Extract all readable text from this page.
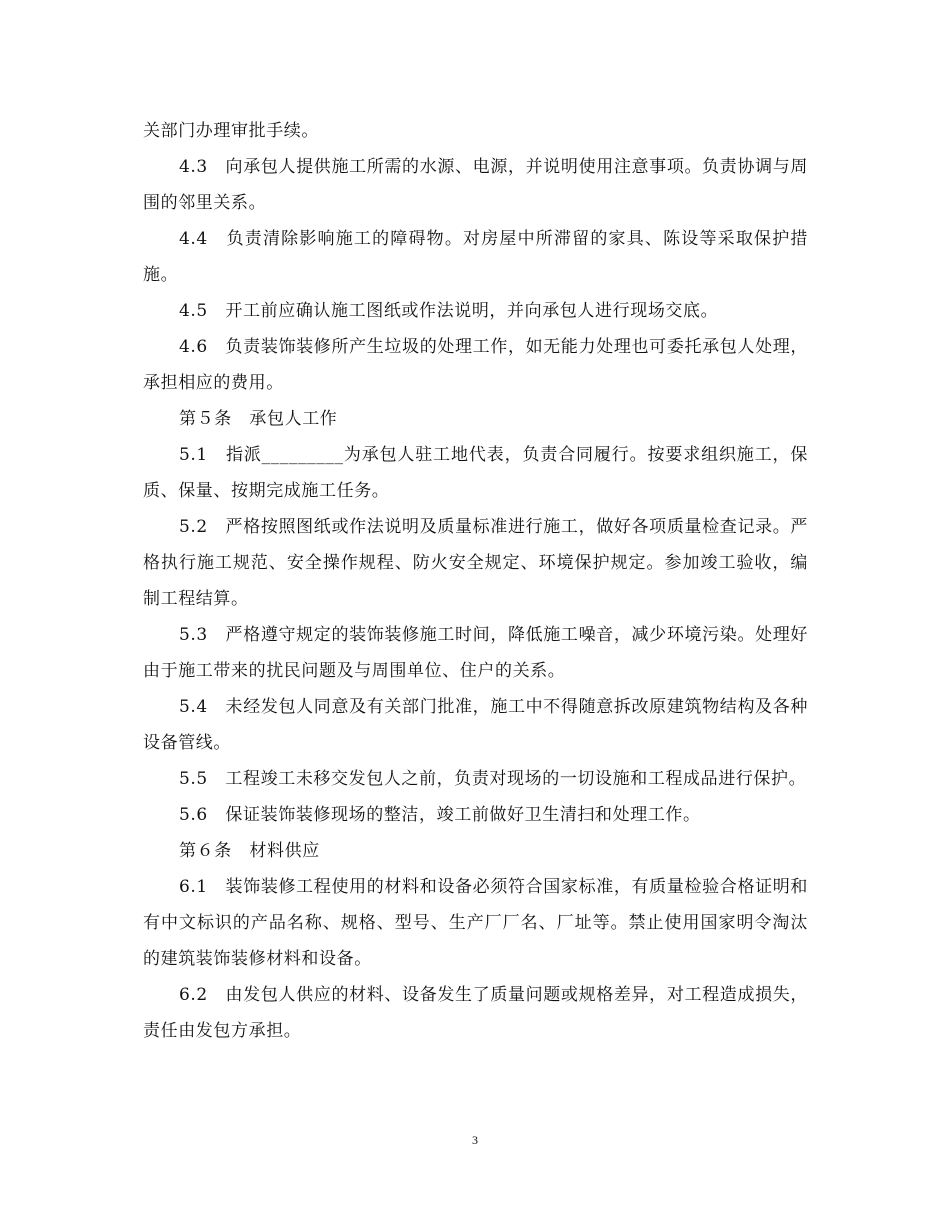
关部门办理审批手续。

4.3　向承包人提供施工所需的水源、电源，并说明使用注意事项。负责协调与周围的邻里关系。

4.4　负责清除影响施工的障碍物。对房屋中所滞留的家具、陈设等采取保护措施。

4.5　开工前应确认施工图纸或作法说明，并向承包人进行现场交底。

4.6　负责装饰装修所产生垃圾的处理工作，如无能力处理也可委托承包人处理，承担相应的费用。

第５条　承包人工作

5.1　指派_________为承包人驻工地代表，负责合同履行。按要求组织施工，保质、保量、按期完成施工任务。

5.2　严格按照图纸或作法说明及质量标准进行施工，做好各项质量检查记录。严格执行施工规范、安全操作规程、防火安全规定、环境保护规定。参加竣工验收，编制工程结算。

5.3　严格遵守规定的装饰装修施工时间，降低施工噪音，减少环境污染。处理好由于施工带来的扰民问题及与周围单位、住户的关系。

5.4　未经发包人同意及有关部门批准，施工中不得随意拆改原建筑物结构及各种设备管线。

5.5　工程竣工未移交发包人之前，负责对现场的一切设施和工程成品进行保护。

5.6　保证装饰装修现场的整洁，竣工前做好卫生清扫和处理工作。

第６条　材料供应

6.1　装饰装修工程使用的材料和设备必须符合国家标准，有质量检验合格证明和有中文标识的产品名称、规格、型号、生产厂厂名、厂址等。禁止使用国家明令淘汰的建筑装饰装修材料和设备。

6.2　由发包人供应的材料、设备发生了质量问题或规格差异，对工程造成损失，责任由发包方承担。

3
